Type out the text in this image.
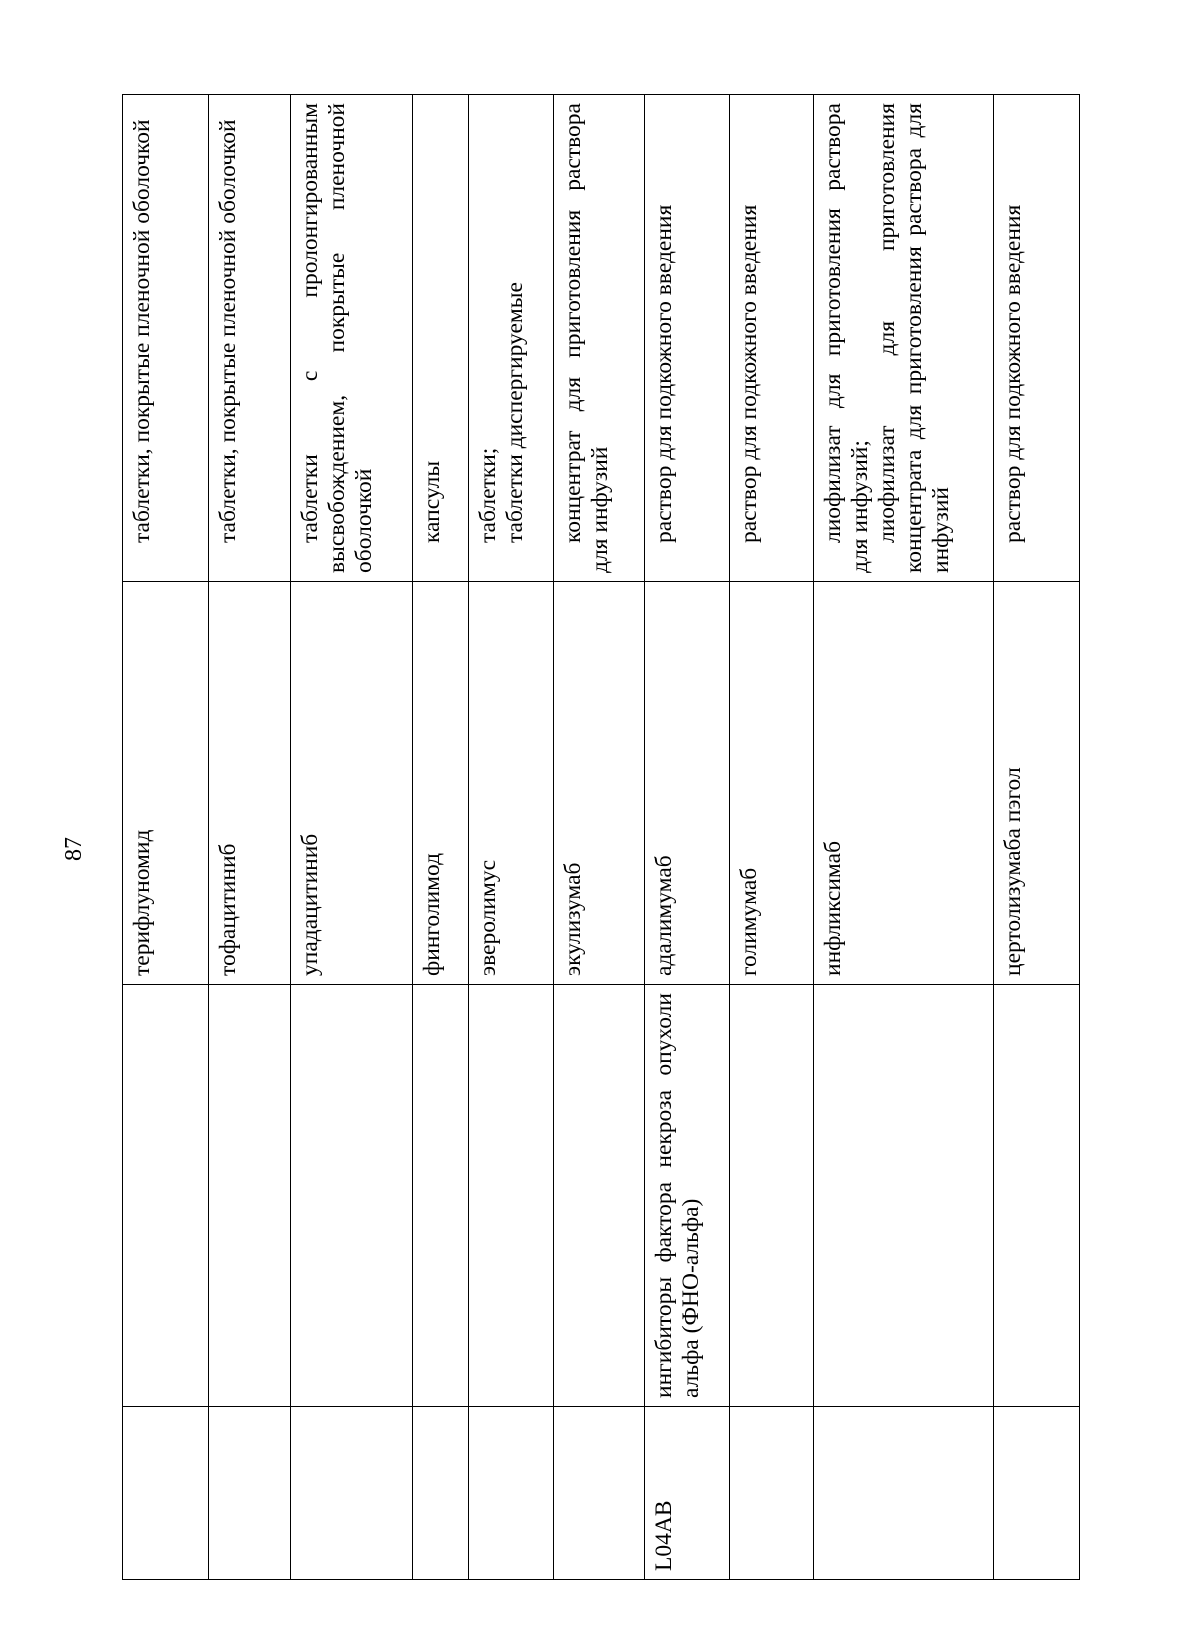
87
		терифлуномид	таблетки, покрытые пленочной оболочкой

		тофацитиниб	таблетки, покрытые пленочной оболочкой

		упадацитиниб	таблетки с пролонгированным высвобождением, покрытые пленочной оболочкой

		финголимод	капсулы

		эверолимус	таблетки; таблетки диспергируемые

		экулизумаб	концентрат для приготовления раствора для инфузий

L04AB	ингибиторы фактора некроза опухоли альфа (ФНО-альфа)	адалимумаб	раствор для подкожного введения

		голимумаб	раствор для подкожного введения

		инфликсимаб	лиофилизат для приготовления раствора для инфузий; лиофилизат для приготовления концентрата для приготовления раствора для инфузий

		цертолизумаба пэгол	раствор для подкожного введения
